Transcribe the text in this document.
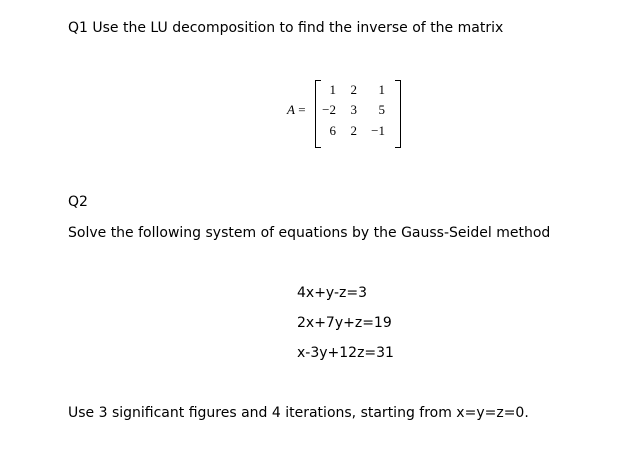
Q1 Use the LU decomposition to find the inverse of the matrix
A =
1	2	1
−2	3	5
6	2	−1
Q2
Solve the following system of equations by the Gauss-Seidel method
4x+y-z=3
2x+7y+z=19
x-3y+12z=31
Use 3 significant figures and 4 iterations, starting from x=y=z=0.
